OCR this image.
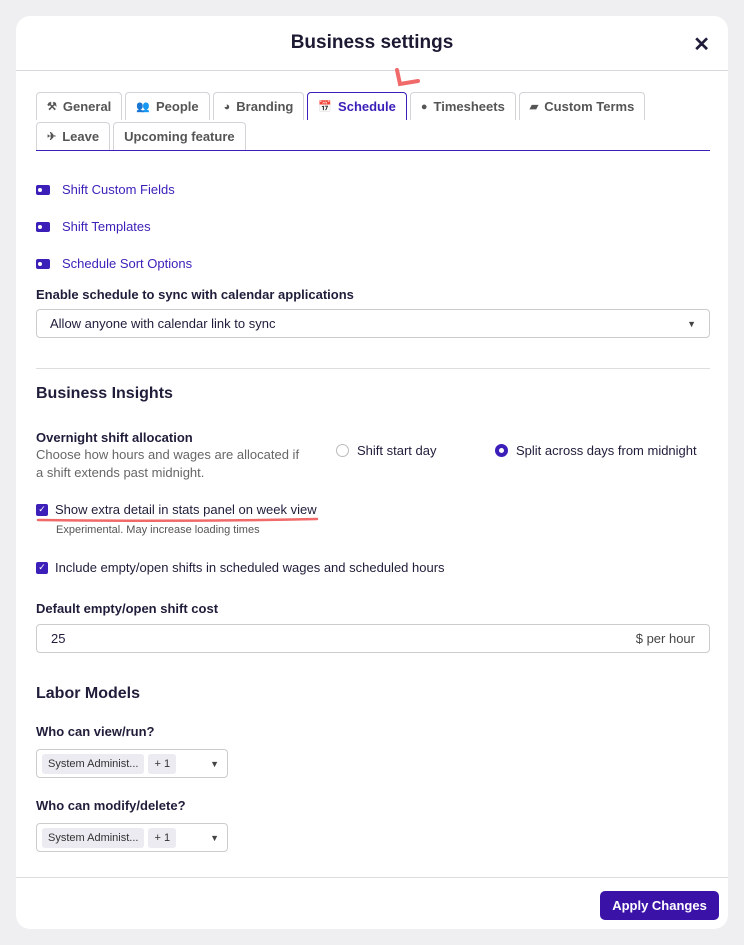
Business settings	✕
⚒ General 👥 People ◕ Branding 📅 Schedule ● Timesheets ▰ Custom Terms
✈ Leave Upcoming feature
Shift Custom Fields
Shift Templates
Schedule Sort Options
Enable schedule to sync with calendar applications
Allow anyone with calendar link to sync	▼
Business Insights
Overnight shift allocation
Choose how hours and wages are allocated if
a shift extends past midnight.
Shift start day	Split across days from midnight
✓ Show extra detail in stats panel on week view
Experimental. May increase loading times
✓ Include empty/open shifts in scheduled wages and scheduled hours
Default empty/open shift cost
25	$ per hour
Labor Models
Who can view/run?
System Administ...	+ 1	▼
Who can modify/delete?
System Administ...	+ 1	▼
Apply Changes
